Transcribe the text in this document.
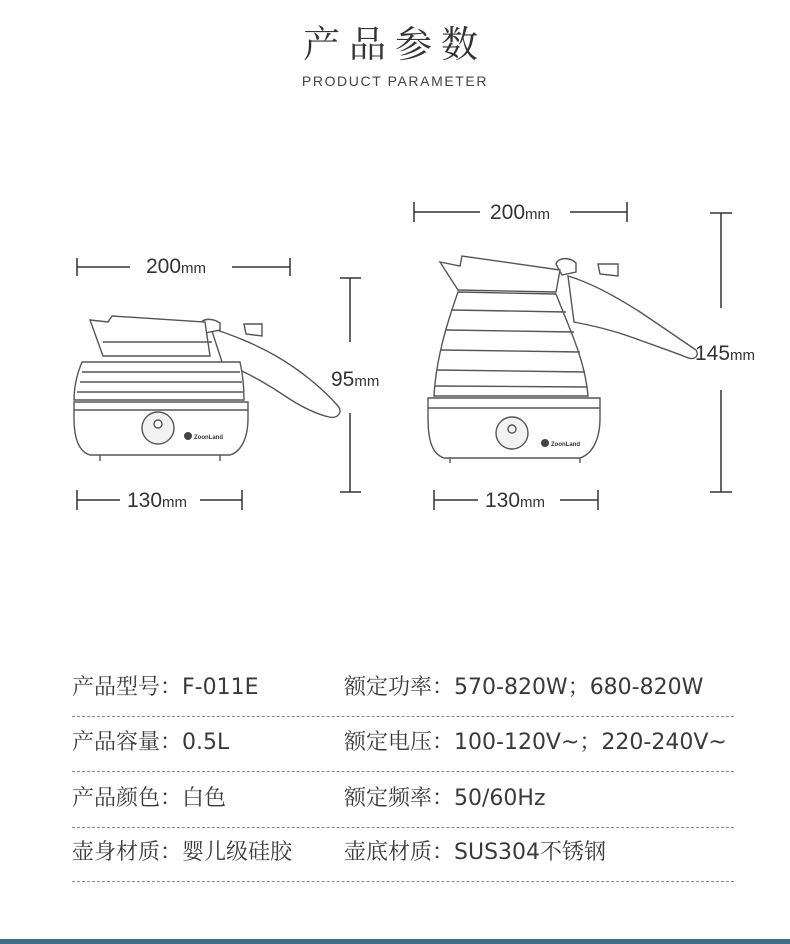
产品参数
PRODUCT PARAMETER
ZoonLand
ZoonLand
200mm
95mm
130mm
200mm
145mm
130mm
产品型号：F-011E	额定功率：570-820W；680-820W
产品容量：0.5L	额定电压：100-120V~；220-240V~
产品颜色：白色	额定频率：50/60Hz
壶身材质：婴儿级硅胶 壶底材质：SUS304不锈钢
